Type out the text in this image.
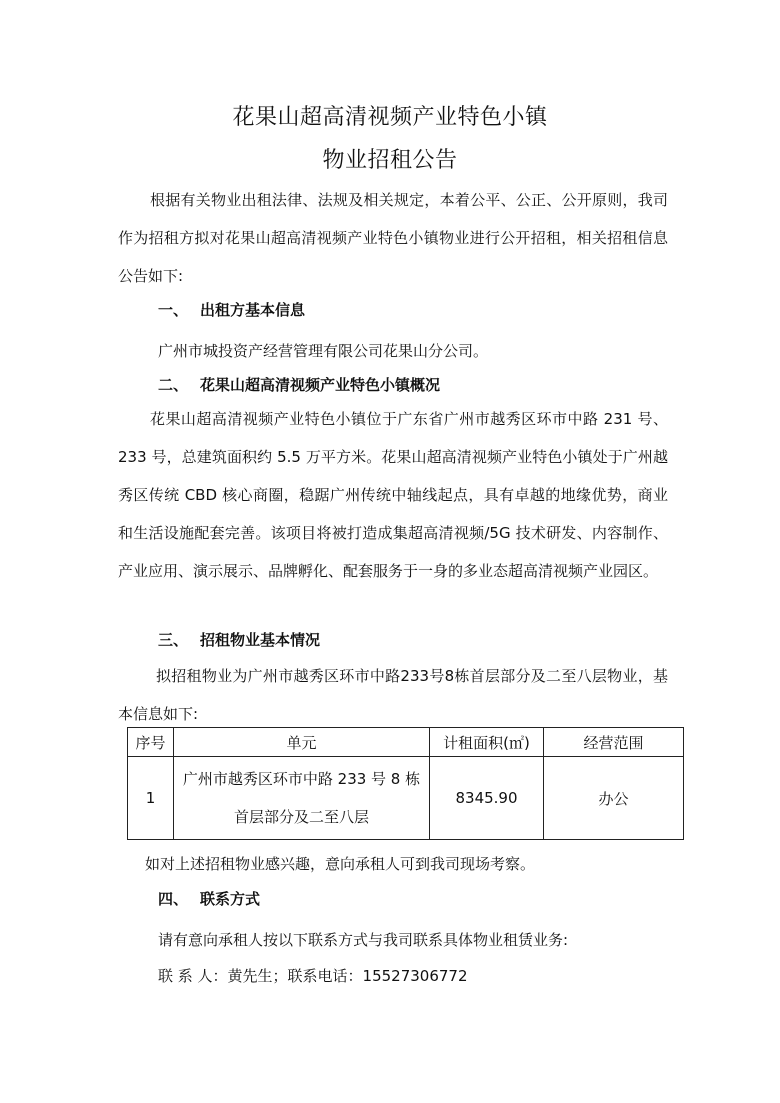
花果山超高清视频产业特色小镇
物业招租公告

根据有关物业出租法律、法规及相关规定，本着公平、公正、公开原则，我司作为招租方拟对花果山超高清视频产业特色小镇物业进行公开招租，相关招租信息公告如下:

一、 出租方基本信息

广州市城投资产经营管理有限公司花果山分公司。

二、 花果山超高清视频产业特色小镇概况

花果山超高清视频产业特色小镇位于广东省广州市越秀区环市中路 231 号、233 号，总建筑面积约 5.5 万平方米。花果山超高清视频产业特色小镇处于广州越秀区传统 CBD 核心商圈，稳踞广州传统中轴线起点，具有卓越的地缘优势，商业和生活设施配套完善。该项目将被打造成集超高清视频/5G 技术研发、内容制作、产业应用、演示展示、品牌孵化、配套服务于一身的多业态超高清视频产业园区。

三、 招租物业基本情况

拟招租物业为广州市越秀区环市中路233号8栋首层部分及二至八层物业，基本信息如下:

序号	单元	计租面积(㎡)	经营范围
1	广州市越秀区环市中路 233 号 8 栋首层部分及二至八层	8345.90	办公

如对上述招租物业感兴趣，意向承租人可到我司现场考察。

四、 联系方式

请有意向承租人按以下联系方式与我司联系具体物业租赁业务:

联 系 人：黄先生；联系电话：15527306772
